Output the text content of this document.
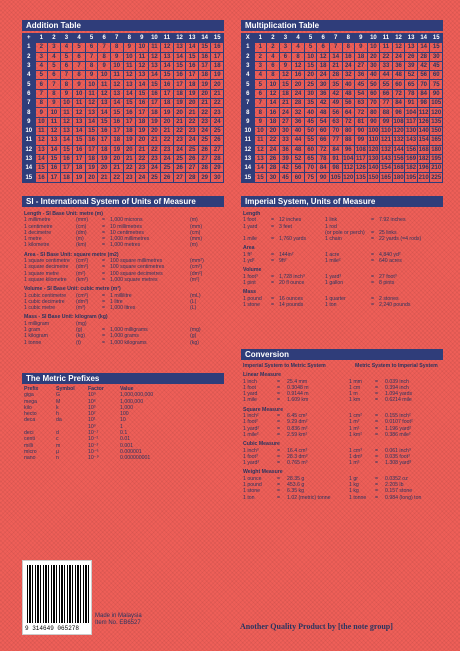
Addition Table
+	1	2	3	4	5	6	7	8	9	10	11	12	13	14	15
1	2	3	4	5	6	7	8	9	10	11	12	13	14	15	16
2	3	4	5	6	7	8	9	10	11	12	13	14	15	16	17
3	4	5	6	7	8	9	10	11	12	13	14	15	16	17	18
4	5	6	7	8	9	10	11	12	13	14	15	16	17	18	19
5	6	7	8	9	10	11	12	13	14	15	16	17	18	19	20
6	7	8	9	10	11	12	13	14	15	16	17	18	19	20	21
7	8	9	10	11	12	13	14	15	16	17	18	19	20	21	22
8	9	10	11	12	13	14	15	16	17	18	19	20	21	22	23
9	10	11	12	13	14	15	16	17	18	19	20	21	22	23	24
10	11	12	13	14	15	16	17	18	19	20	21	22	23	24	25
11	12	13	14	15	16	17	18	19	20	21	22	23	24	25	26
12	13	14	15	16	17	18	19	20	21	22	23	24	25	26	27
13	14	15	16	17	18	19	20	21	22	23	24	25	26	27	28
14	15	16	17	18	19	20	21	22	23	24	25	26	27	28	29
15	16	17	18	19	20	21	22	23	24	25	26	27	28	29	30
Multiplication Table
X	1	2	3	4	5	6	7	8	9	10	11	12	13	14	15
1	1	2	3	4	5	6	7	8	9	10	11	12	13	14	15
2	2	4	6	8	10	12	14	16	18	20	22	24	26	28	30
3	3	6	9	12	15	18	21	24	27	30	33	36	39	42	45
4	4	8	12	16	20	24	28	32	36	40	44	48	52	56	60
5	5	10	15	20	25	30	35	40	45	50	55	60	65	70	75
6	6	12	18	24	30	36	42	48	54	60	66	72	78	84	90
7	7	14	21	28	35	42	49	56	63	70	77	84	91	98	105
8	8	16	24	32	40	48	56	64	72	80	88	96	104	112	120
9	9	18	27	36	45	54	63	72	81	90	99	108	117	126	135
10	10	20	30	40	50	60	70	80	90	100	110	120	130	140	150
11	11	22	33	44	55	66	77	88	99	110	121	132	143	154	165
12	12	24	36	48	60	72	84	96	108	120	132	144	156	168	180
13	13	26	39	52	65	78	91	104	117	130	143	156	169	182	195
14	14	28	42	56	70	84	98	112	126	140	154	168	182	196	210
15	15	30	45	60	75	90	105	120	135	150	165	180	195	210	225
SI - International System of Units of Measure
Length - SI Base Unit: metre (m)
1 millimetre	(mm)	= 1,000 microns	(m)
1 centimetre	(cm)	= 10 millimetres	(mm)
1 decimetre	(dm)	= 10 centimetres	(cm)
1 metre	(m)	= 1,000 millimetres	(mm)
1 kilometre	(km)	= 1,000 metres	(m)
Area - SI Base Unit: square metre (m2)
1 square centimetre	(cm²)	= 100 square millimetres	(mm²)
1 square decimetre	(dm²)	= 100 square centimetres	(cm²)
1 square metre	(m²)	= 100 square decimetres	(dm²)
1 square kilometre	(km²)	= 1,000 square metres	(m²)
Volume - SI Base Unit: cubic metre (m³)
1 cubic centimetre	(cm³)	= 1 millilitre	(mL)
1 cubic decimetre	(dm³)	= 1 litre	(L)
1 cubic metre	(m³)	= 1,000 litres	(L)
Mass - SI Base Unit: kilogram (kg)
1 milligram	(mg)
1 gram	(g)	= 1,000 milligrams	(mg)
1 kilogram	(kg)	= 1,000 grams	(g)
1 tonne	(t)	= 1,000 kilograms	(kg)
The Metric Prefixes
Prefix	Symbol	Factor	Value
giga	G	10⁹	1,000,000,000
mega	M	10⁶	1,000,000
kilo	k	10³	1,000
hecto	h	10²	100
deca	da	10¹	10
10⁰	1
deci	d	10⁻¹	0.1
centi	c	10⁻²	0.01
milli	m	10⁻³	0.001
micro	µ	10⁻⁶	0.000001
nano	n	10⁻⁹	0.000000001
Imperial System, Units of Measure
Length
1 foot	= 12 inches	1 link	= 7.92 inches
1 yard	= 3 feet	1 rod
(or pole or perch)	= 25 links
1 mile	= 1,760 yards	1 chain	= 22 yards (=4 rods)
Area
1 ft²	= 144in²	1 acre	= 4,840 yd²
1 yd²	= 9ft²	1 mile²	= 640 acres
Volume
1 foot³	= 1,728 inch³	1 yard³	= 27 foot³
1 pint	= 20 fl ounce	1 gallon	= 8 pints
Mass
1 pound	= 16 ounces	1 quarter	= 2 stones
1 stone	= 14 pounds	1 ton	= 2,240 pounds
Conversion
Imperial System to Metric System	Metric System to Imperial System
Linear Measure
1 inch	=	25.4 mm	1 mm	=	0.039 inch
1 foot	=	0.3048 m	1 cm	=	0.394 inch
1 yard	=	0.9144 m	1 m	=	1.094 yards
1 mile	=	1.609 km	1 km	=	0.6214 mile
Square Measure
1 inch²	=	6.45 cm²	1 cm²	=	0.155 inch²
1 foot²	=	9.29 dm²	1 m²	=	0.0107 foot²
1 yard²	=	0.836 m²	1 m²	=	1.196 yard²
1 mile²	=	2.59 km²	1 km²	=	0.386 mile²
Cubic Measure
1 inch³	=	16.4 cm³	1 cm³	=	0.061 inch³
1 foot³	=	28.3 dm³	1 dm³	=	0.035 foot³
1 yard³	=	0.765 m³	1 m³	=	1.308 yard³
Weight Measure
1 ounce	=	28.35 g	1 gr	=	0.0352 oz
1 pound	=	453.6 g	1 kg	=	2.205 lb
1 stone	=	6.35 kg	1 kg	=	0.157 stone
1 ton	=	1.02 (metric) tonne	1 tonne	=	0.984 (long) ton
9 314649 065278
Made in Malaysia
Item No. EB6527	Another Quality Product by [the note group]
